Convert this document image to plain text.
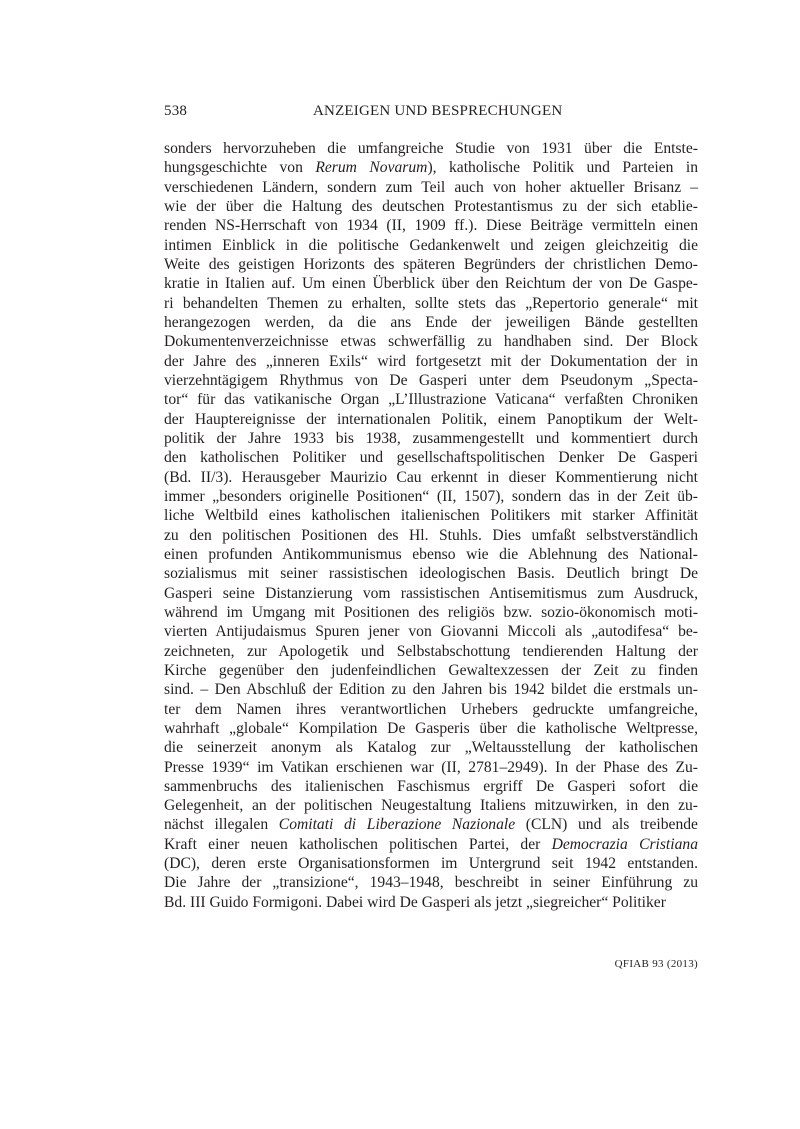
538	ANZEIGEN UND BESPRECHUNGEN
sonders hervorzuheben die umfangreiche Studie von 1931 über die Entste-
hungsgeschichte von Rerum Novarum), katholische Politik und Parteien in
verschiedenen Ländern, sondern zum Teil auch von hoher aktueller Brisanz –
wie der über die Haltung des deutschen Protestantismus zu der sich etablie-
renden NS-Herrschaft von 1934 (II, 1909 ff.). Diese Beiträge vermitteln einen
intimen Einblick in die politische Gedankenwelt und zeigen gleichzeitig die
Weite des geistigen Horizonts des späteren Begründers der christlichen Demo-
kratie in Italien auf. Um einen Überblick über den Reichtum der von De Gaspe-
ri behandelten Themen zu erhalten, sollte stets das „Repertorio generale“ mit
herangezogen werden, da die ans Ende der jeweiligen Bände gestellten
Dokumentenverzeichnisse etwas schwerfällig zu handhaben sind. Der Block
der Jahre des „inneren Exils“ wird fortgesetzt mit der Dokumentation der in
vierzehntägigem Rhythmus von De Gasperi unter dem Pseudonym „Specta-
tor“ für das vatikanische Organ „L’Illustrazione Vaticana“ verfaßten Chroniken
der Hauptereignisse der internationalen Politik, einem Panoptikum der Welt-
politik der Jahre 1933 bis 1938, zusammengestellt und kommentiert durch
den katholischen Politiker und gesellschaftspolitischen Denker De Gasperi
(Bd. II/3). Herausgeber Maurizio Cau erkennt in dieser Kommentierung nicht
immer „besonders originelle Positionen“ (II, 1507), sondern das in der Zeit üb-
liche Weltbild eines katholischen italienischen Politikers mit starker Affinität
zu den politischen Positionen des Hl. Stuhls. Dies umfaßt selbstverständlich
einen profunden Antikommunismus ebenso wie die Ablehnung des National-
sozialismus mit seiner rassistischen ideologischen Basis. Deutlich bringt De
Gasperi seine Distanzierung vom rassistischen Antisemitismus zum Ausdruck,
während im Umgang mit Positionen des religiös bzw. sozio-ökonomisch moti-
vierten Antijudaismus Spuren jener von Giovanni Miccoli als „autodifesa“ be-
zeichneten, zur Apologetik und Selbstabschottung tendierenden Haltung der
Kirche gegenüber den judenfeindlichen Gewaltexzessen der Zeit zu finden
sind. – Den Abschluß der Edition zu den Jahren bis 1942 bildet die erstmals un-
ter dem Namen ihres verantwortlichen Urhebers gedruckte umfangreiche,
wahrhaft „globale“ Kompilation De Gasperis über die katholische Weltpresse,
die seinerzeit anonym als Katalog zur „Weltausstellung der katholischen
Presse 1939“ im Vatikan erschienen war (II, 2781–2949). In der Phase des Zu-
sammenbruchs des italienischen Faschismus ergriff De Gasperi sofort die
Gelegenheit, an der politischen Neugestaltung Italiens mitzuwirken, in den zu-
nächst illegalen Comitati di Liberazione Nazionale (CLN) und als treibende
Kraft einer neuen katholischen politischen Partei, der Democrazia Cristiana
(DC), deren erste Organisationsformen im Untergrund seit 1942 entstanden.
Die Jahre der „transizione“, 1943–1948, beschreibt in seiner Einführung zu
Bd. III Guido Formigoni. Dabei wird De Gasperi als jetzt „siegreicher“ Politiker
QFIAB 93 (2013)
